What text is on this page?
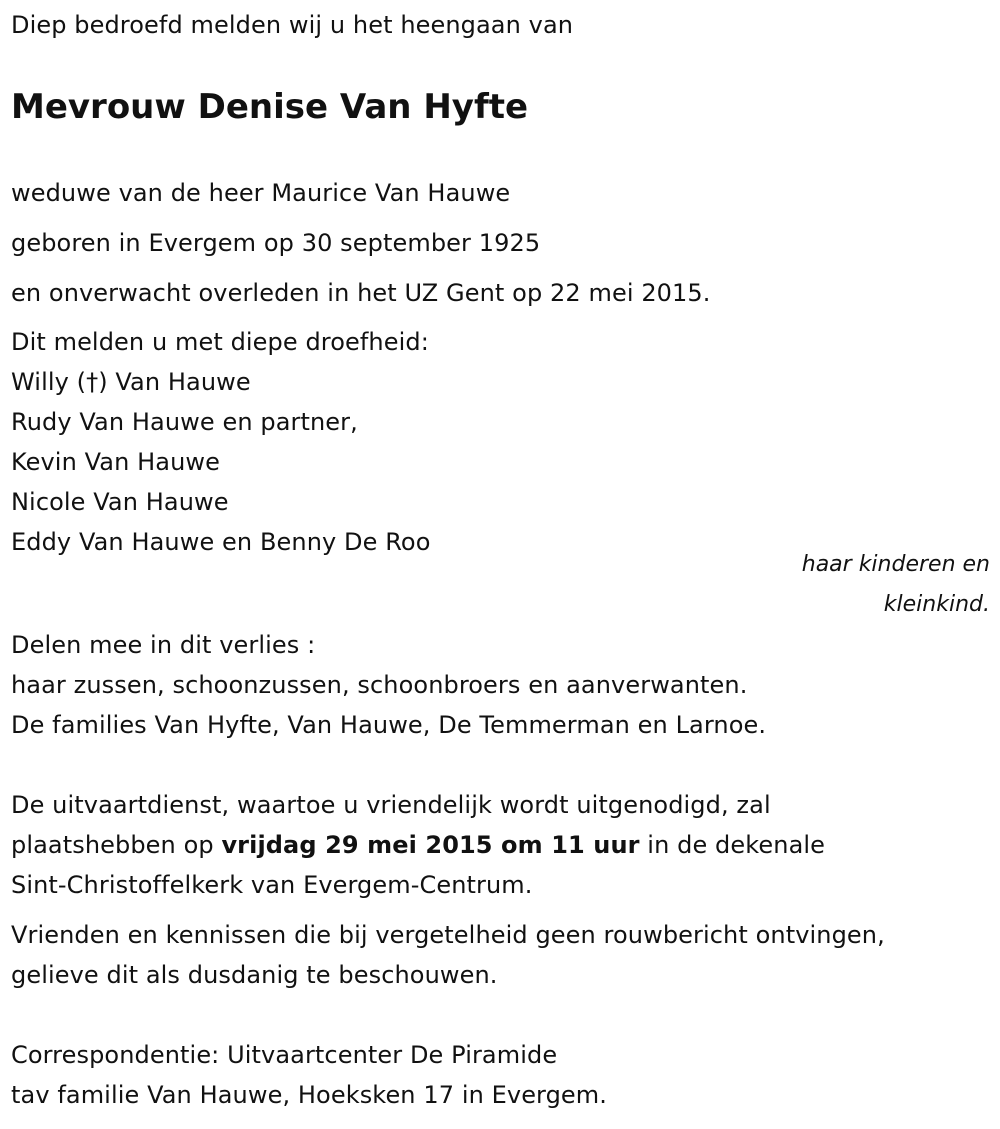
Diep bedroefd melden wij u het heengaan van
Mevrouw Denise Van Hyfte
weduwe van de heer Maurice Van Hauwe
geboren in Evergem op 30 september 1925
en onverwacht overleden in het UZ Gent op 22 mei 2015.
Dit melden u met diepe droefheid:
Willy (†) Van Hauwe
Rudy Van Hauwe en partner,
Kevin Van Hauwe
Nicole Van Hauwe
Eddy Van Hauwe en Benny De Roo
haar kinderen en
kleinkind.
Delen mee in dit verlies :
haar zussen, schoonzussen, schoonbroers en aanverwanten.
De families Van Hyfte, Van Hauwe, De Temmerman en Larnoe.
De uitvaartdienst, waartoe u vriendelijk wordt uitgenodigd, zal
plaatshebben op vrijdag 29 mei 2015 om 11 uur in de dekenale
Sint-Christoffelkerk van Evergem-Centrum.
Vrienden en kennissen die bij vergetelheid geen rouwbericht ontvingen,
gelieve dit als dusdanig te beschouwen.
Correspondentie: Uitvaartcenter De Piramide
tav familie Van Hauwe, Hoeksken 17 in Evergem.
